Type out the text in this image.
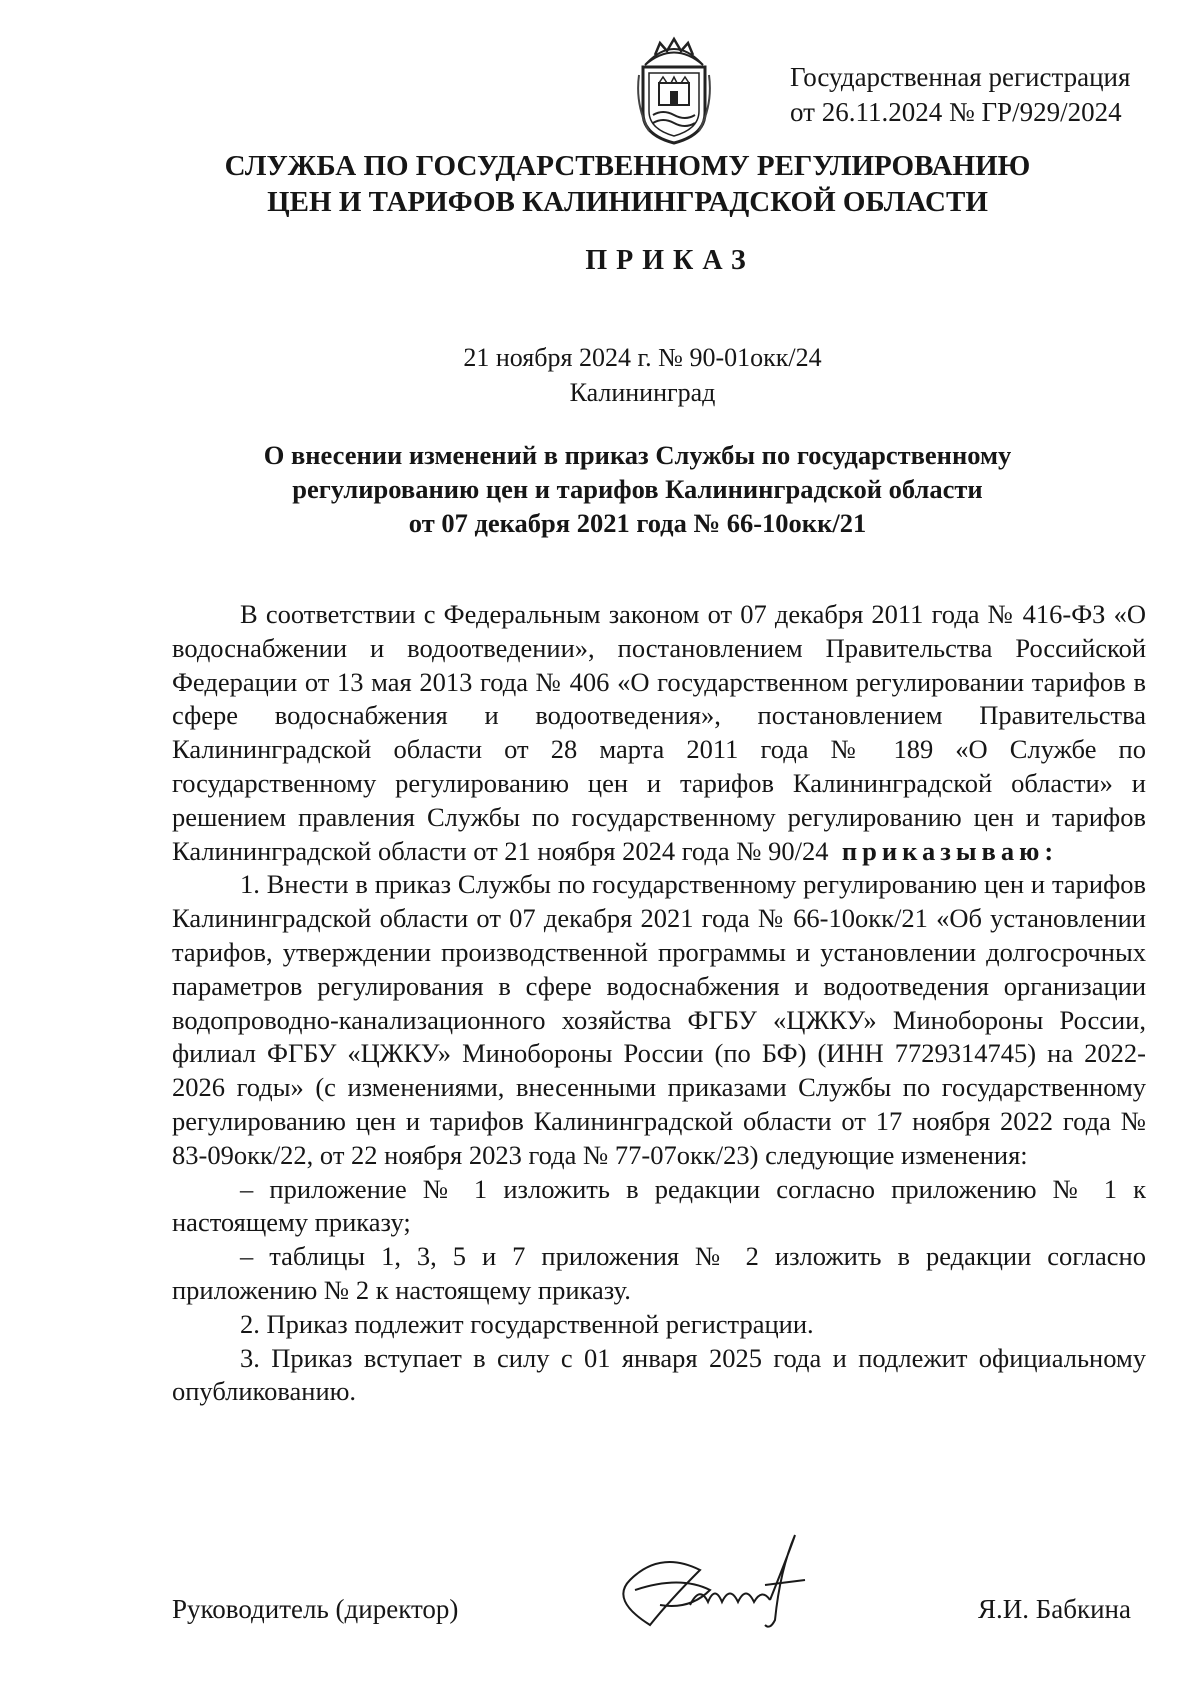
Государственная регистрация
от 26.11.2024 № ГР/929/2024
СЛУЖБА ПО ГОСУДАРСТВЕННОМУ РЕГУЛИРОВАНИЮ
ЦЕН И ТАРИФОВ КАЛИНИНГРАДСКОЙ ОБЛАСТИ
ПРИКАЗ
21 ноября 2024 г. № 90-01окк/24
Калининград
О внесении изменений в приказ Службы по государственному
регулированию цен и тарифов Калининградской области
от 07 декабря 2021 года № 66-10окк/21

В соответствии с Федеральным законом от 07 декабря 2011 года № 416-ФЗ «О водоснабжении и водоотведении», постановлением Правительства Российской Федерации от 13 мая 2013 года № 406 «О государственном регулировании тарифов в сфере водоснабжения и водоотведения», постановлением Правительства Калининградской области от 28 марта 2011 года № 189 «О Службе по государственному регулированию цен и тарифов Калининградской области» и решением правления Службы по государственному регулированию цен и тарифов Калининградской области от 21 ноября 2024 года № 90/24 приказываю:

1. Внести в приказ Службы по государственному регулированию цен и тарифов Калининградской области от 07 декабря 2021 года № 66-10окк/21 «Об установлении тарифов, утверждении производственной программы и установлении долгосрочных параметров регулирования в сфере водоснабжения и водоотведения организации водопроводно-канализационного хозяйства ФГБУ «ЦЖКУ» Минобороны России, филиал ФГБУ «ЦЖКУ» Минобороны России (по БФ) (ИНН 7729314745) на 2022-2026 годы» (с изменениями, внесенными приказами Службы по государственному регулированию цен и тарифов Калининградской области от 17 ноября 2022 года № 83-09окк/22, от 22 ноября 2023 года № 77-07окк/23) следующие изменения:

– приложение № 1 изложить в редакции согласно приложению № 1 к настоящему приказу;

– таблицы 1, 3, 5 и 7 приложения № 2 изложить в редакции согласно приложению № 2 к настоящему приказу.

2. Приказ подлежит государственной регистрации.

3. Приказ вступает в силу с 01 января 2025 года и подлежит официальному опубликованию.

Руководитель (директор)	Я.И. Бабкина
